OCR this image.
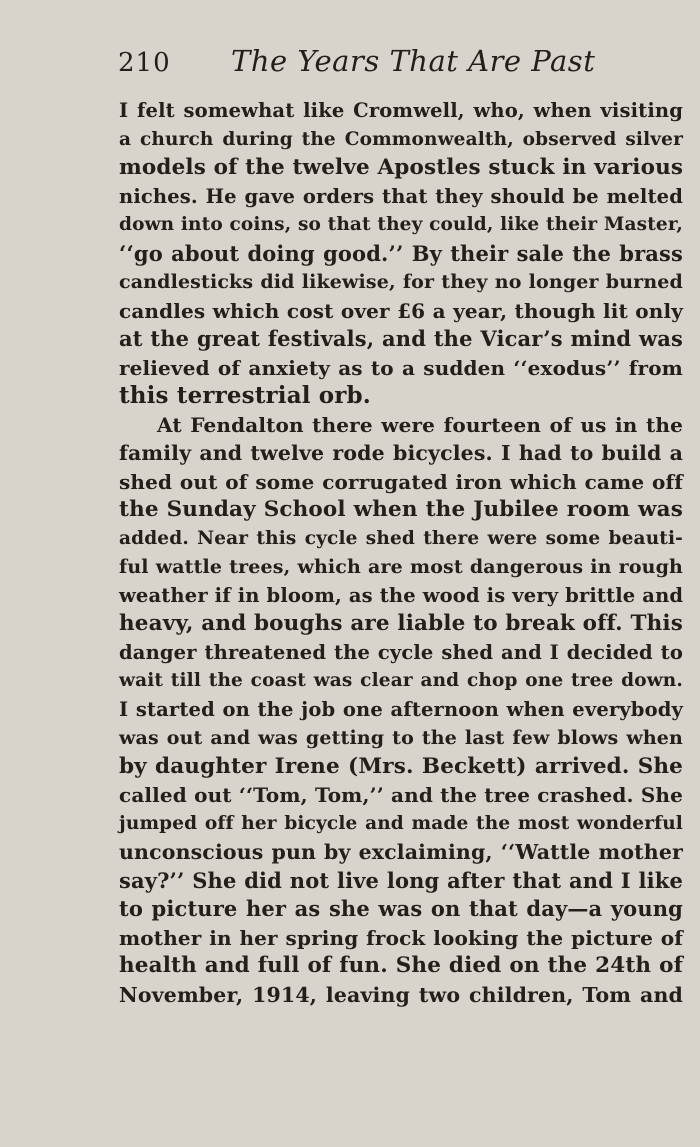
210 The Years That Are Past
I felt somewhat like Cromwell, who, when visiting
a church during the Commonwealth, observed silver
models of the twelve Apostles stuck in various
niches. He gave orders that they should be melted
down into coins, so that they could, like their Master,
‘‘go about doing good.’’ By their sale the brass
candlesticks did likewise, for they no longer burned
candles which cost over £6 a year, though lit only
at the great festivals, and the Vicar’s mind was
relieved of anxiety as to a sudden ‘‘exodus’’ from
this terrestrial orb.
At Fendalton there were fourteen of us in the
family and twelve rode bicycles. I had to build a
shed out of some corrugated iron which came off
the Sunday School when the Jubilee room was
added. Near this cycle shed there were some beauti-
ful wattle trees, which are most dangerous in rough
weather if in bloom, as the wood is very brittle and
heavy, and boughs are liable to break off. This
danger threatened the cycle shed and I decided to
wait till the coast was clear and chop one tree down.
I started on the job one afternoon when everybody
was out and was getting to the last few blows when
by daughter Irene (Mrs. Beckett) arrived. She
called out ‘‘Tom, Tom,’’ and the tree crashed. She
jumped off her bicycle and made the most wonderful
unconscious pun by exclaiming, ‘‘Wattle mother
say?’’ She did not live long after that and I like
to picture her as she was on that day—a young
mother in her spring frock looking the picture of
health and full of fun. She died on the 24th of
November, 1914, leaving two children, Tom and
